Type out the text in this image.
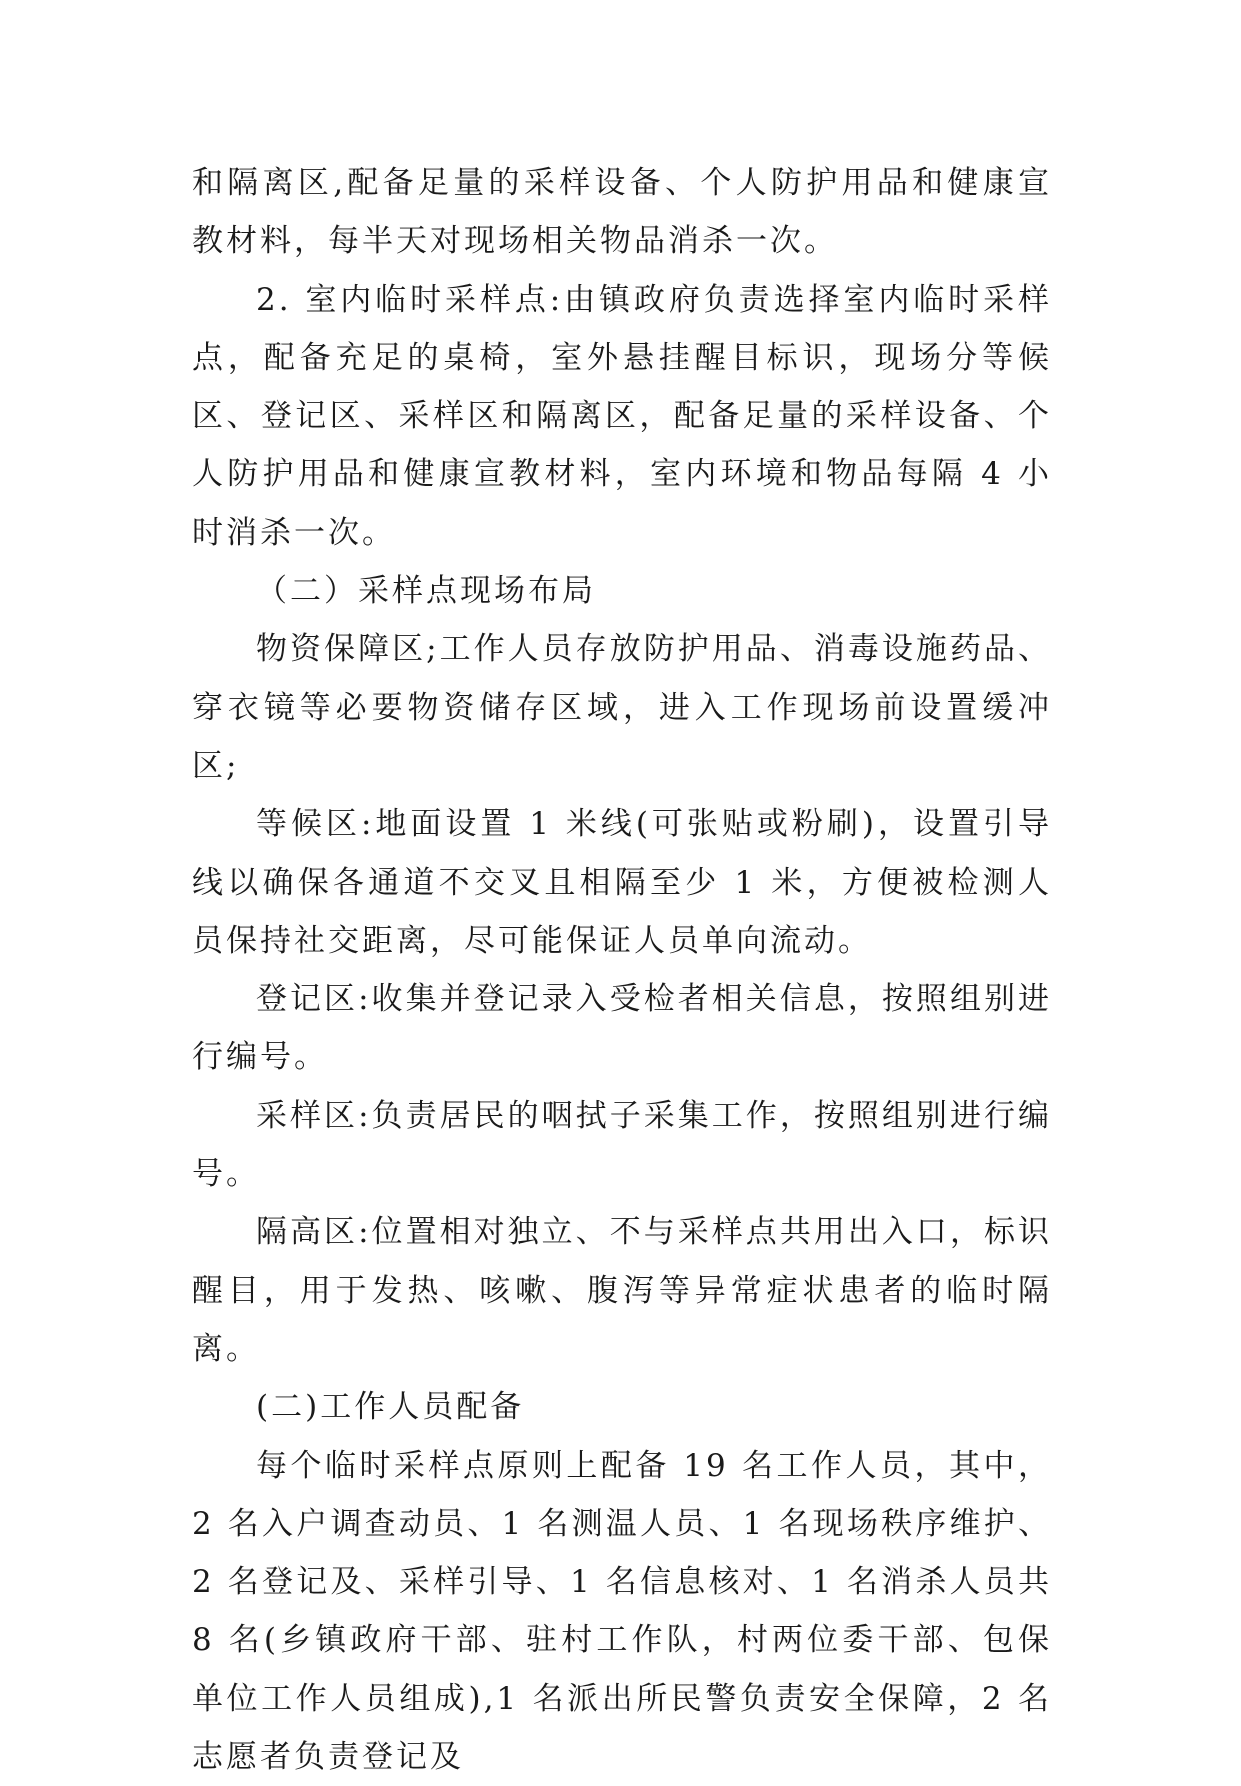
和隔离区,配备足量的采样设备、个人防护用品和健康宣教材料，每半天对现场相关物品消杀一次。

2. 室内临时采样点:由镇政府负责选择室内临时采样点，配备充足的桌椅，室外悬挂醒目标识，现场分等候区、登记区、采样区和隔离区，配备足量的采样设备、个人防护用品和健康宣教材料，室内环境和物品每隔 4 小时消杀一次。

（二）采样点现场布局

物资保障区;工作人员存放防护用品、消毒设施药品、穿衣镜等必要物资储存区域，进入工作现场前设置缓冲区;

等候区:地面设置 1 米线(可张贴或粉刷)，设置引导线以确保各通道不交叉且相隔至少 1 米，方便被检测人员保持社交距离，尽可能保证人员单向流动。

登记区:收集并登记录入受检者相关信息，按照组别进行编号。

采样区:负责居民的咽拭子采集工作，按照组别进行编号。

隔高区:位置相对独立、不与采样点共用出入口，标识醒目，用于发热、咳嗽、腹泻等异常症状患者的临时隔离。

(二)工作人员配备

每个临时采样点原则上配备 19 名工作人员，其中，2 名入户调查动员、1 名测温人员、1 名现场秩序维护、2 名登记及、采样引导、1 名信息核对、1 名消杀人员共 8 名(乡镇政府干部、驻村工作队，村两位委干部、包保单位工作人员组成),1 名派出所民警负责安全保障，2 名志愿者负责登记及
